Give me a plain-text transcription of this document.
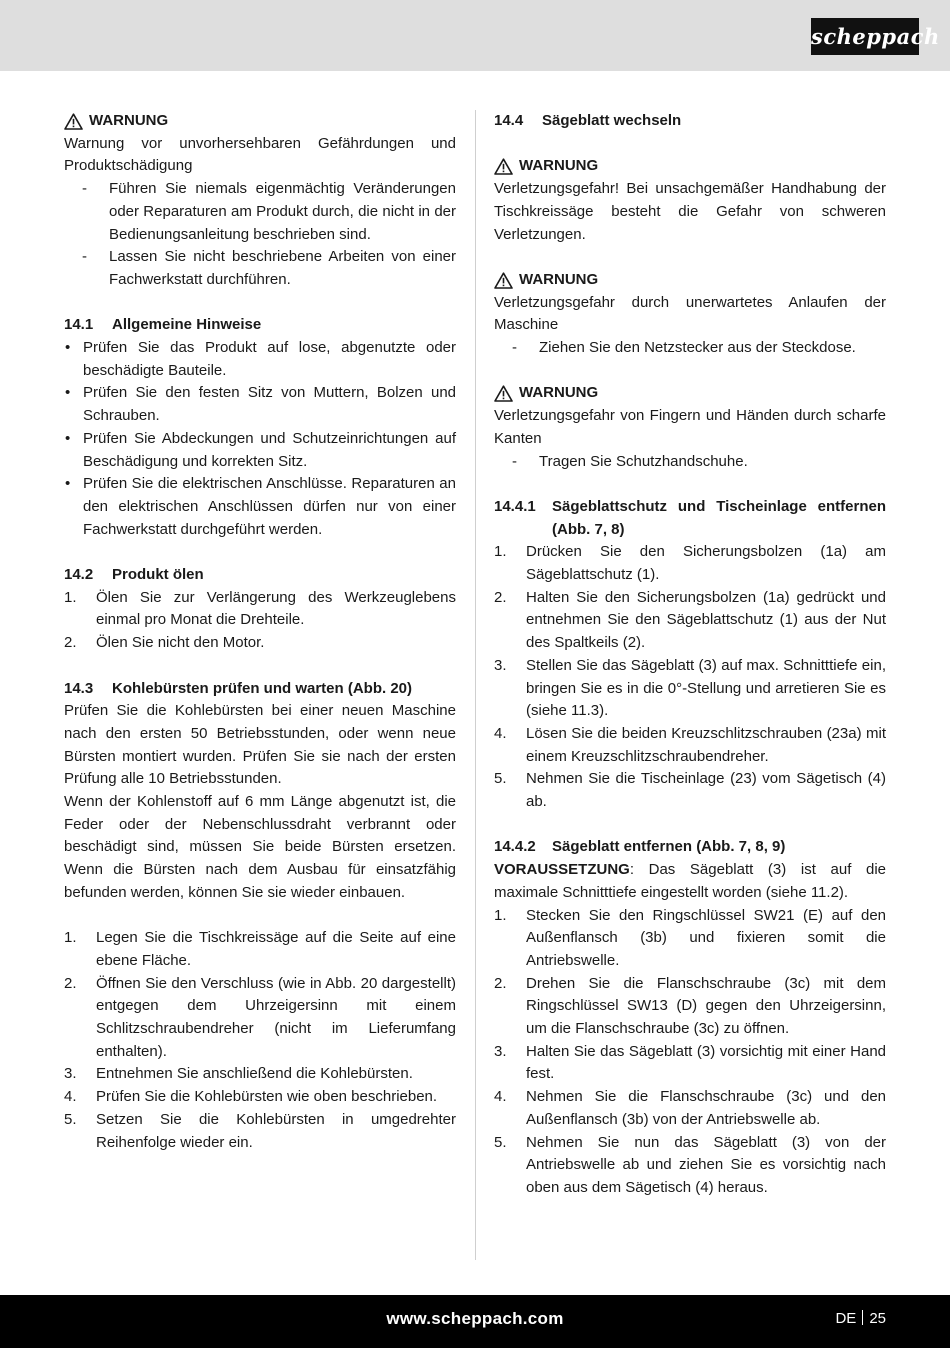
scheppach
WARNUNG
Warnung vor unvorhersehbaren Gefährdungen und Produktschädigung
-	Führen Sie niemals eigenmächtig Veränderungen oder Reparaturen am Produkt durch, die nicht in der Bedienungsanleitung beschrieben sind.
-	Lassen Sie nicht beschriebene Arbeiten von einer Fachwerkstatt durchführen.
14.1	Allgemeine Hinweise
• Prüfen Sie das Produkt auf lose, abgenutzte oder beschädigte Bauteile.
• Prüfen Sie den festen Sitz von Muttern, Bolzen und Schrauben.
• Prüfen Sie Abdeckungen und Schutzeinrichtungen auf Beschädigung und korrekten Sitz.
• Prüfen Sie die elektrischen Anschlüsse. Reparaturen an den elektrischen Anschlüssen dürfen nur von einer Fachwerkstatt durchgeführt werden.
14.2	Produkt ölen
1.	Ölen Sie zur Verlängerung des Werkzeuglebens einmal pro Monat die Drehteile.
2.	Ölen Sie nicht den Motor.
14.3	Kohlebürsten prüfen und warten (Abb. 20)
Prüfen Sie die Kohlebürsten bei einer neuen Maschine nach den ersten 50 Betriebsstunden, oder wenn neue Bürsten montiert wurden. Prüfen Sie sie nach der ersten Prüfung alle 10 Betriebsstunden.
Wenn der Kohlenstoff auf 6 mm Länge abgenutzt ist, die Feder oder der Nebenschlussdraht verbrannt oder beschädigt sind, müssen Sie beide Bürsten ersetzen. Wenn die Bürsten nach dem Ausbau für einsatzfähig befunden werden, können Sie sie wieder einbauen.
1.	Legen Sie die Tischkreissäge auf die Seite auf eine ebene Fläche.
2.	Öffnen Sie den Verschluss (wie in Abb. 20 dargestellt) entgegen dem Uhrzeigersinn mit einem Schlitzschraubendreher (nicht im Lieferumfang enthalten).
3.	Entnehmen Sie anschließend die Kohlebürsten.
4.	Prüfen Sie die Kohlebürsten wie oben beschrieben.
5.	Setzen Sie die Kohlebürsten in umgedrehter Reihenfolge wieder ein.
14.4	Sägeblatt wechseln
WARNUNG
Verletzungsgefahr! Bei unsachgemäßer Handhabung der Tischkreissäge besteht die Gefahr von schweren Verletzungen.
WARNUNG
Verletzungsgefahr durch unerwartetes Anlaufen der Maschine
-	Ziehen Sie den Netzstecker aus der Steckdose.
WARNUNG
Verletzungsgefahr von Fingern und Händen durch scharfe Kanten
-	Tragen Sie Schutzhandschuhe.
14.4.1	Sägeblattschutz und Tischeinlage entfernen (Abb. 7, 8)
1.	Drücken Sie den Sicherungsbolzen (1a) am Sägeblattschutz (1).
2.	Halten Sie den Sicherungsbolzen (1a) gedrückt und entnehmen Sie den Sägeblattschutz (1) aus der Nut des Spaltkeils (2).
3.	Stellen Sie das Sägeblatt (3) auf max. Schnitttiefe ein, bringen Sie es in die 0°-Stellung und arretieren Sie es (siehe 11.3).
4.	Lösen Sie die beiden Kreuzschlitzschrauben (23a) mit einem Kreuzschlitzschraubendreher.
5.	Nehmen Sie die Tischeinlage (23) vom Sägetisch (4) ab.
14.4.2	Sägeblatt entfernen (Abb. 7, 8, 9)
VORAUSSETZUNG: Das Sägeblatt (3) ist auf die maximale Schnitttiefe eingestellt worden (siehe 11.2).
1.	Stecken Sie den Ringschlüssel SW21 (E) auf den Außenflansch (3b) und fixieren somit die Antriebswelle.
2.	Drehen Sie die Flanschschraube (3c) mit dem Ringschlüssel SW13 (D) gegen den Uhrzeigersinn, um die Flanschschraube (3c) zu öffnen.
3.	Halten Sie das Sägeblatt (3) vorsichtig mit einer Hand fest.
4.	Nehmen Sie die Flanschschraube (3c) und den Außenflansch (3b) von der Antriebswelle ab.
5.	Nehmen Sie nun das Sägeblatt (3) von der Antriebswelle ab und ziehen Sie es vorsichtig nach oben aus dem Sägetisch (4) heraus.
www.scheppach.com	DE 25
